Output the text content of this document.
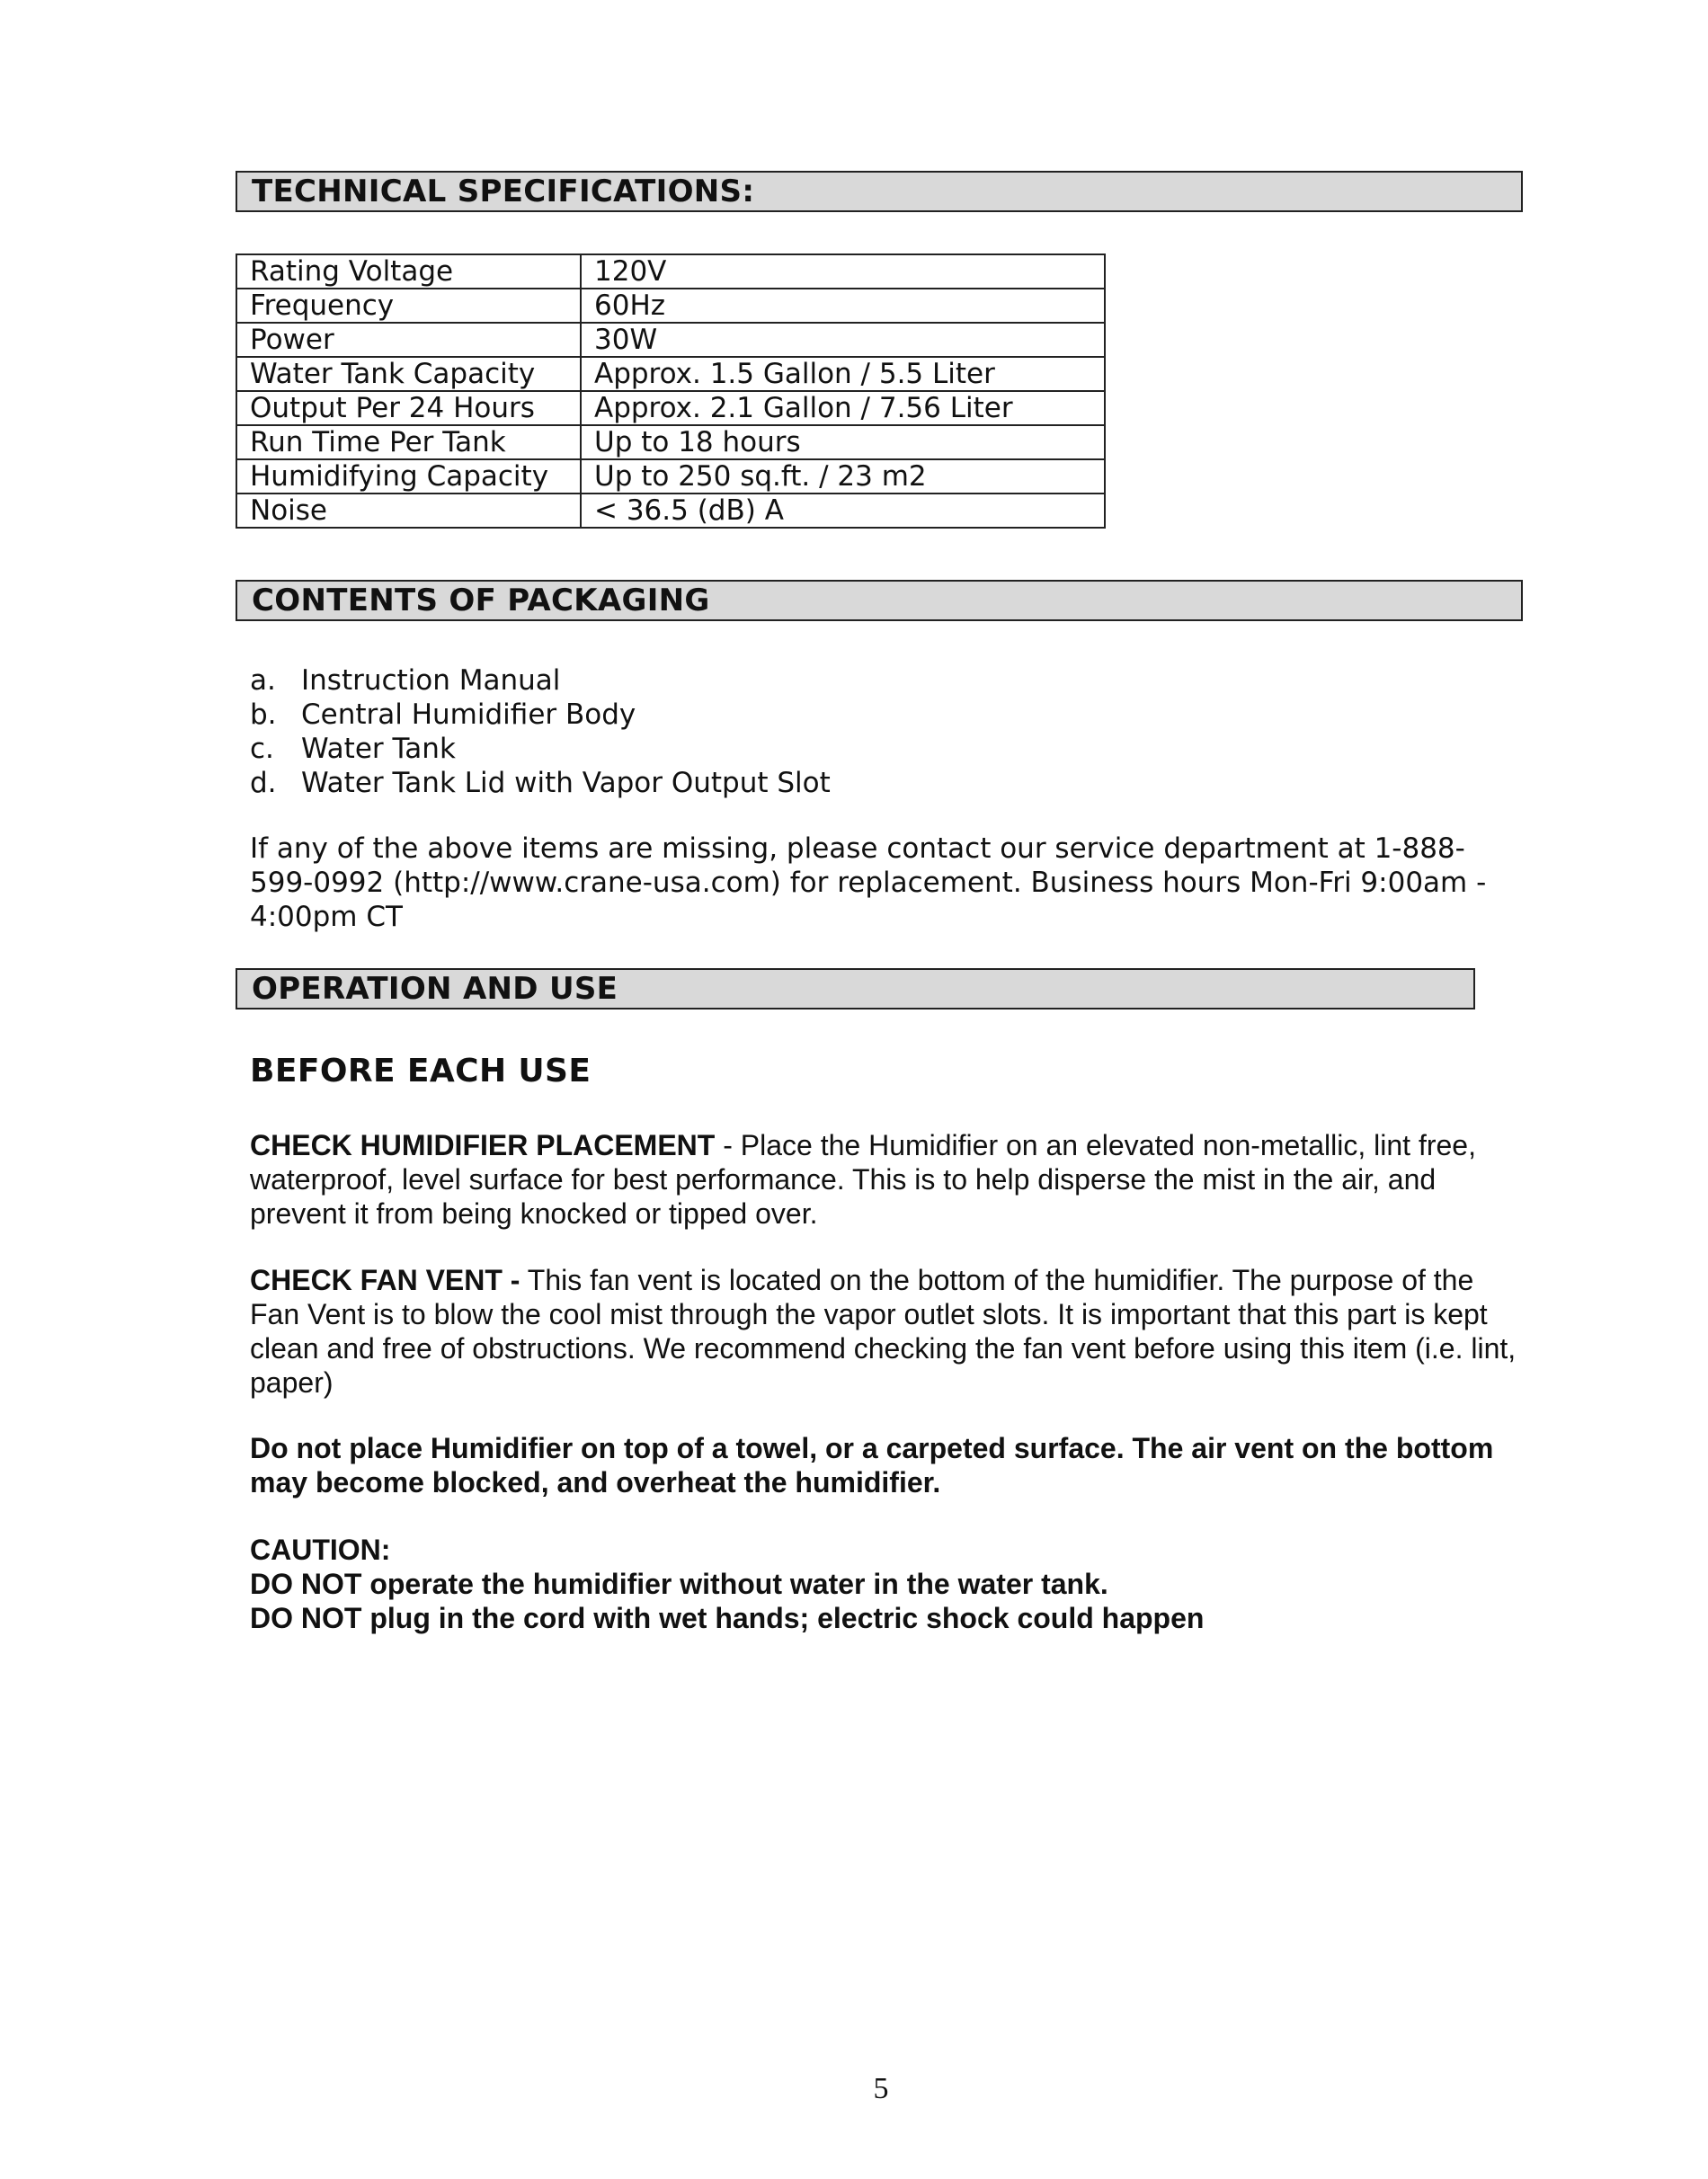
TECHNICAL SPECIFICATIONS:
Rating Voltage	120V
Frequency	60Hz
Power	30W
Water Tank Capacity	Approx. 1.5 Gallon / 5.5 Liter
Output Per 24 Hours	Approx. 2.1 Gallon / 7.56 Liter
Run Time Per Tank	Up to 18 hours
Humidifying Capacity	Up to 250 sq.ft. / 23 m2
Noise	< 36.5 (dB) A
CONTENTS OF PACKAGING
a. Instruction Manual
b. Central Humidifier Body
c. Water Tank
d. Water Tank Lid with Vapor Output Slot

If any of the above items are missing, please contact our service department at 1-888-599-0992 (http://www.crane-usa.com) for replacement. Business hours Mon-Fri 9:00am - 4:00pm CT

OPERATION AND USE
BEFORE EACH USE

CHECK HUMIDIFIER PLACEMENT - Place the Humidifier on an elevated non-metallic, lint free, waterproof, level surface for best performance. This is to help disperse the mist in the air, and prevent it from being knocked or tipped over.

CHECK FAN VENT - This fan vent is located on the bottom of the humidifier. The purpose of the Fan Vent is to blow the cool mist through the vapor outlet slots. It is important that this part is kept clean and free of obstructions. We recommend checking the fan vent before using this item (i.e. lint, paper)

Do not place Humidifier on top of a towel, or a carpeted surface. The air vent on the bottom may become blocked, and overheat the humidifier.

CAUTION:
DO NOT operate the humidifier without water in the water tank.
DO NOT plug in the cord with wet hands; electric shock could happen
5
